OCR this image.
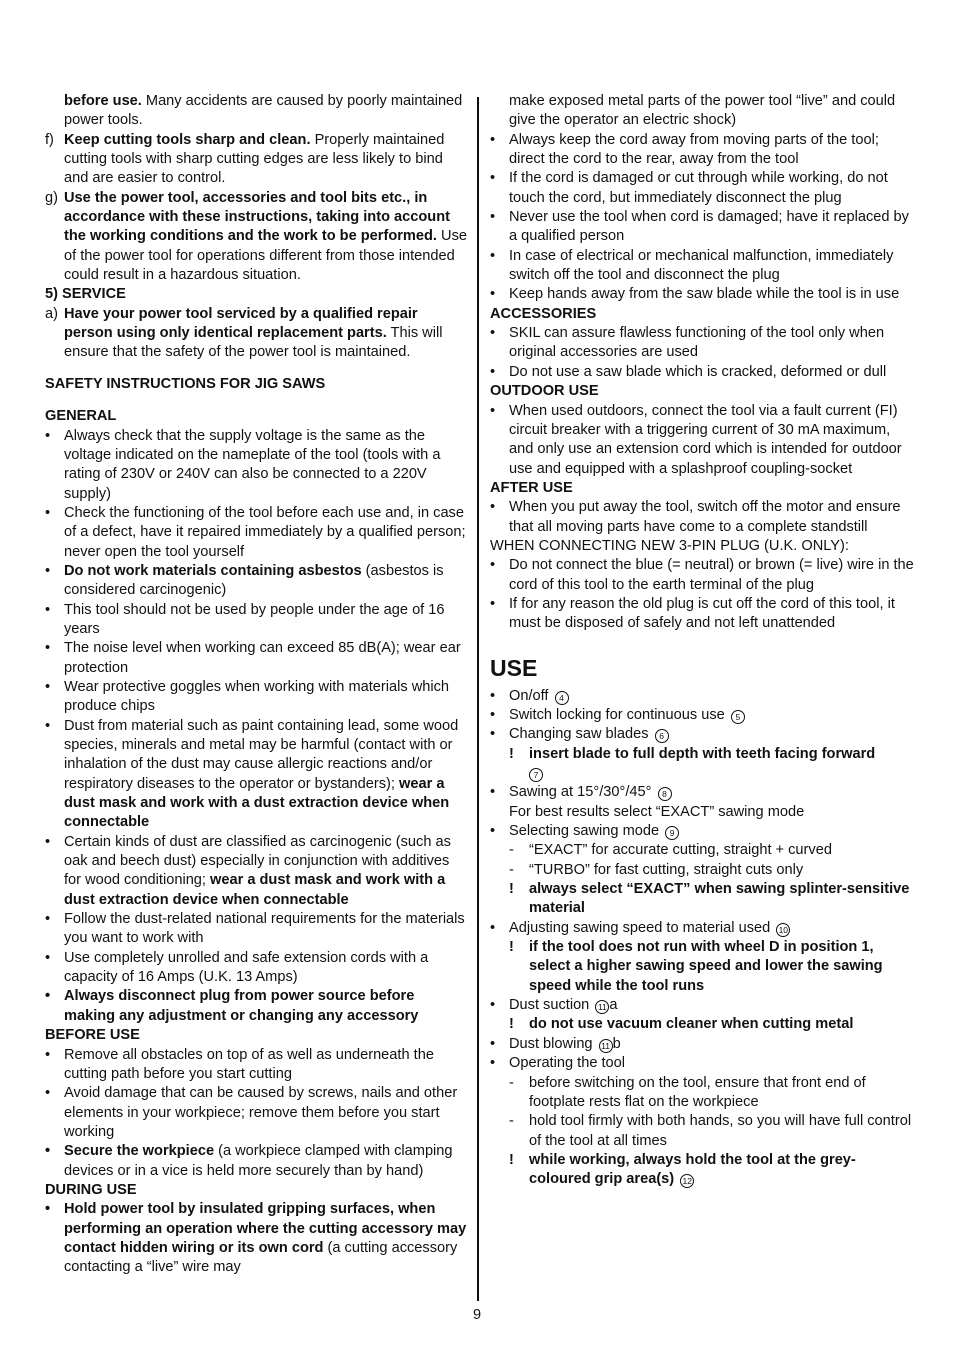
before use. Many accidents are caused by poorly maintained power tools.
f) Keep cutting tools sharp and clean. Properly maintained cutting tools with sharp cutting edges are less likely to bind and are easier to control.
g) Use the power tool, accessories and tool bits etc., in accordance with these instructions, taking into account the working conditions and the work to be performed. Use of the power tool for operations different from those intended could result in a hazardous situation.
5) SERVICE
a) Have your power tool serviced by a qualified repair person using only identical replacement parts. This will ensure that the safety of the power tool is maintained.
SAFETY INSTRUCTIONS FOR JIG SAWS
GENERAL
• Always check that the supply voltage is the same as the voltage indicated on the nameplate of the tool (tools with a rating of 230V or 240V can also be connected to a 220V supply)
• Check the functioning of the tool before each use and, in case of a defect, have it repaired immediately by a qualified person; never open the tool yourself
• Do not work materials containing asbestos (asbestos is considered carcinogenic)
• This tool should not be used by people under the age of 16 years
• The noise level when working can exceed 85 dB(A); wear ear protection
• Wear protective goggles when working with materials which produce chips
• Dust from material such as paint containing lead, some wood species, minerals and metal may be harmful (contact with or inhalation of the dust may cause allergic reactions and/or respiratory diseases to the operator or bystanders); wear a dust mask and work with a dust extraction device when connectable
• Certain kinds of dust are classified as carcinogenic (such as oak and beech dust) especially in conjunction with additives for wood conditioning; wear a dust mask and work with a dust extraction device when connectable
• Follow the dust-related national requirements for the materials you want to work with
• Use completely unrolled and safe extension cords with a capacity of 16 Amps (U.K. 13 Amps)
• Always disconnect plug from power source before making any adjustment or changing any accessory
BEFORE USE
• Remove all obstacles on top of as well as underneath the cutting path before you start cutting
• Avoid damage that can be caused by screws, nails and other elements in your workpiece; remove them before you start working
• Secure the workpiece (a workpiece clamped with clamping devices or in a vice is held more securely than by hand)
DURING USE
• Hold power tool by insulated gripping surfaces, when performing an operation where the cutting accessory may contact hidden wiring or its own cord (a cutting accessory contacting a “live” wire may
make exposed metal parts of the power tool “live” and could give the operator an electric shock)
• Always keep the cord away from moving parts of the tool; direct the cord to the rear, away from the tool
• If the cord is damaged or cut through while working, do not touch the cord, but immediately disconnect the plug
• Never use the tool when cord is damaged; have it replaced by a qualified person
• In case of electrical or mechanical malfunction, immediately switch off the tool and disconnect the plug
• Keep hands away from the saw blade while the tool is in use
ACCESSORIES
• SKIL can assure flawless functioning of the tool only when original accessories are used
• Do not use a saw blade which is cracked, deformed or dull
OUTDOOR USE
• When used outdoors, connect the tool via a fault current (FI) circuit breaker with a triggering current of 30 mA maximum, and only use an extension cord which is intended for outdoor use and equipped with a splashproof coupling-socket
AFTER USE
• When you put away the tool, switch off the motor and ensure that all moving parts have come to a complete standstill
WHEN CONNECTING NEW 3-PIN PLUG (U.K. ONLY):
• Do not connect the blue (= neutral) or brown (= live) wire in the cord of this tool to the earth terminal of the plug
• If for any reason the old plug is cut off the cord of this tool, it must be disposed of safely and not left unattended
USE
• On/off 4
• Switch locking for continuous use 5
• Changing saw blades 6
! insert blade to full depth with teeth facing forward
7
• Sawing at 15°/30°/45° 8
For best results select “EXACT” sawing mode
• Selecting sawing mode 9
- “EXACT” for accurate cutting, straight + curved
- “TURBO” for fast cutting, straight cuts only
! always select “EXACT” when sawing splinter-sensitive material
• Adjusting sawing speed to material used 10
! if the tool does not run with wheel D in position 1, select a higher sawing speed and lower the sawing speed while the tool runs
• Dust suction 11 a
! do not use vacuum cleaner when cutting metal
• Dust blowing 11 b
• Operating the tool
- before switching on the tool, ensure that front end of footplate rests flat on the workpiece
- hold tool firmly with both hands, so you will have full control of the tool at all times
! while working, always hold the tool at the grey-coloured grip area(s) 12
9
